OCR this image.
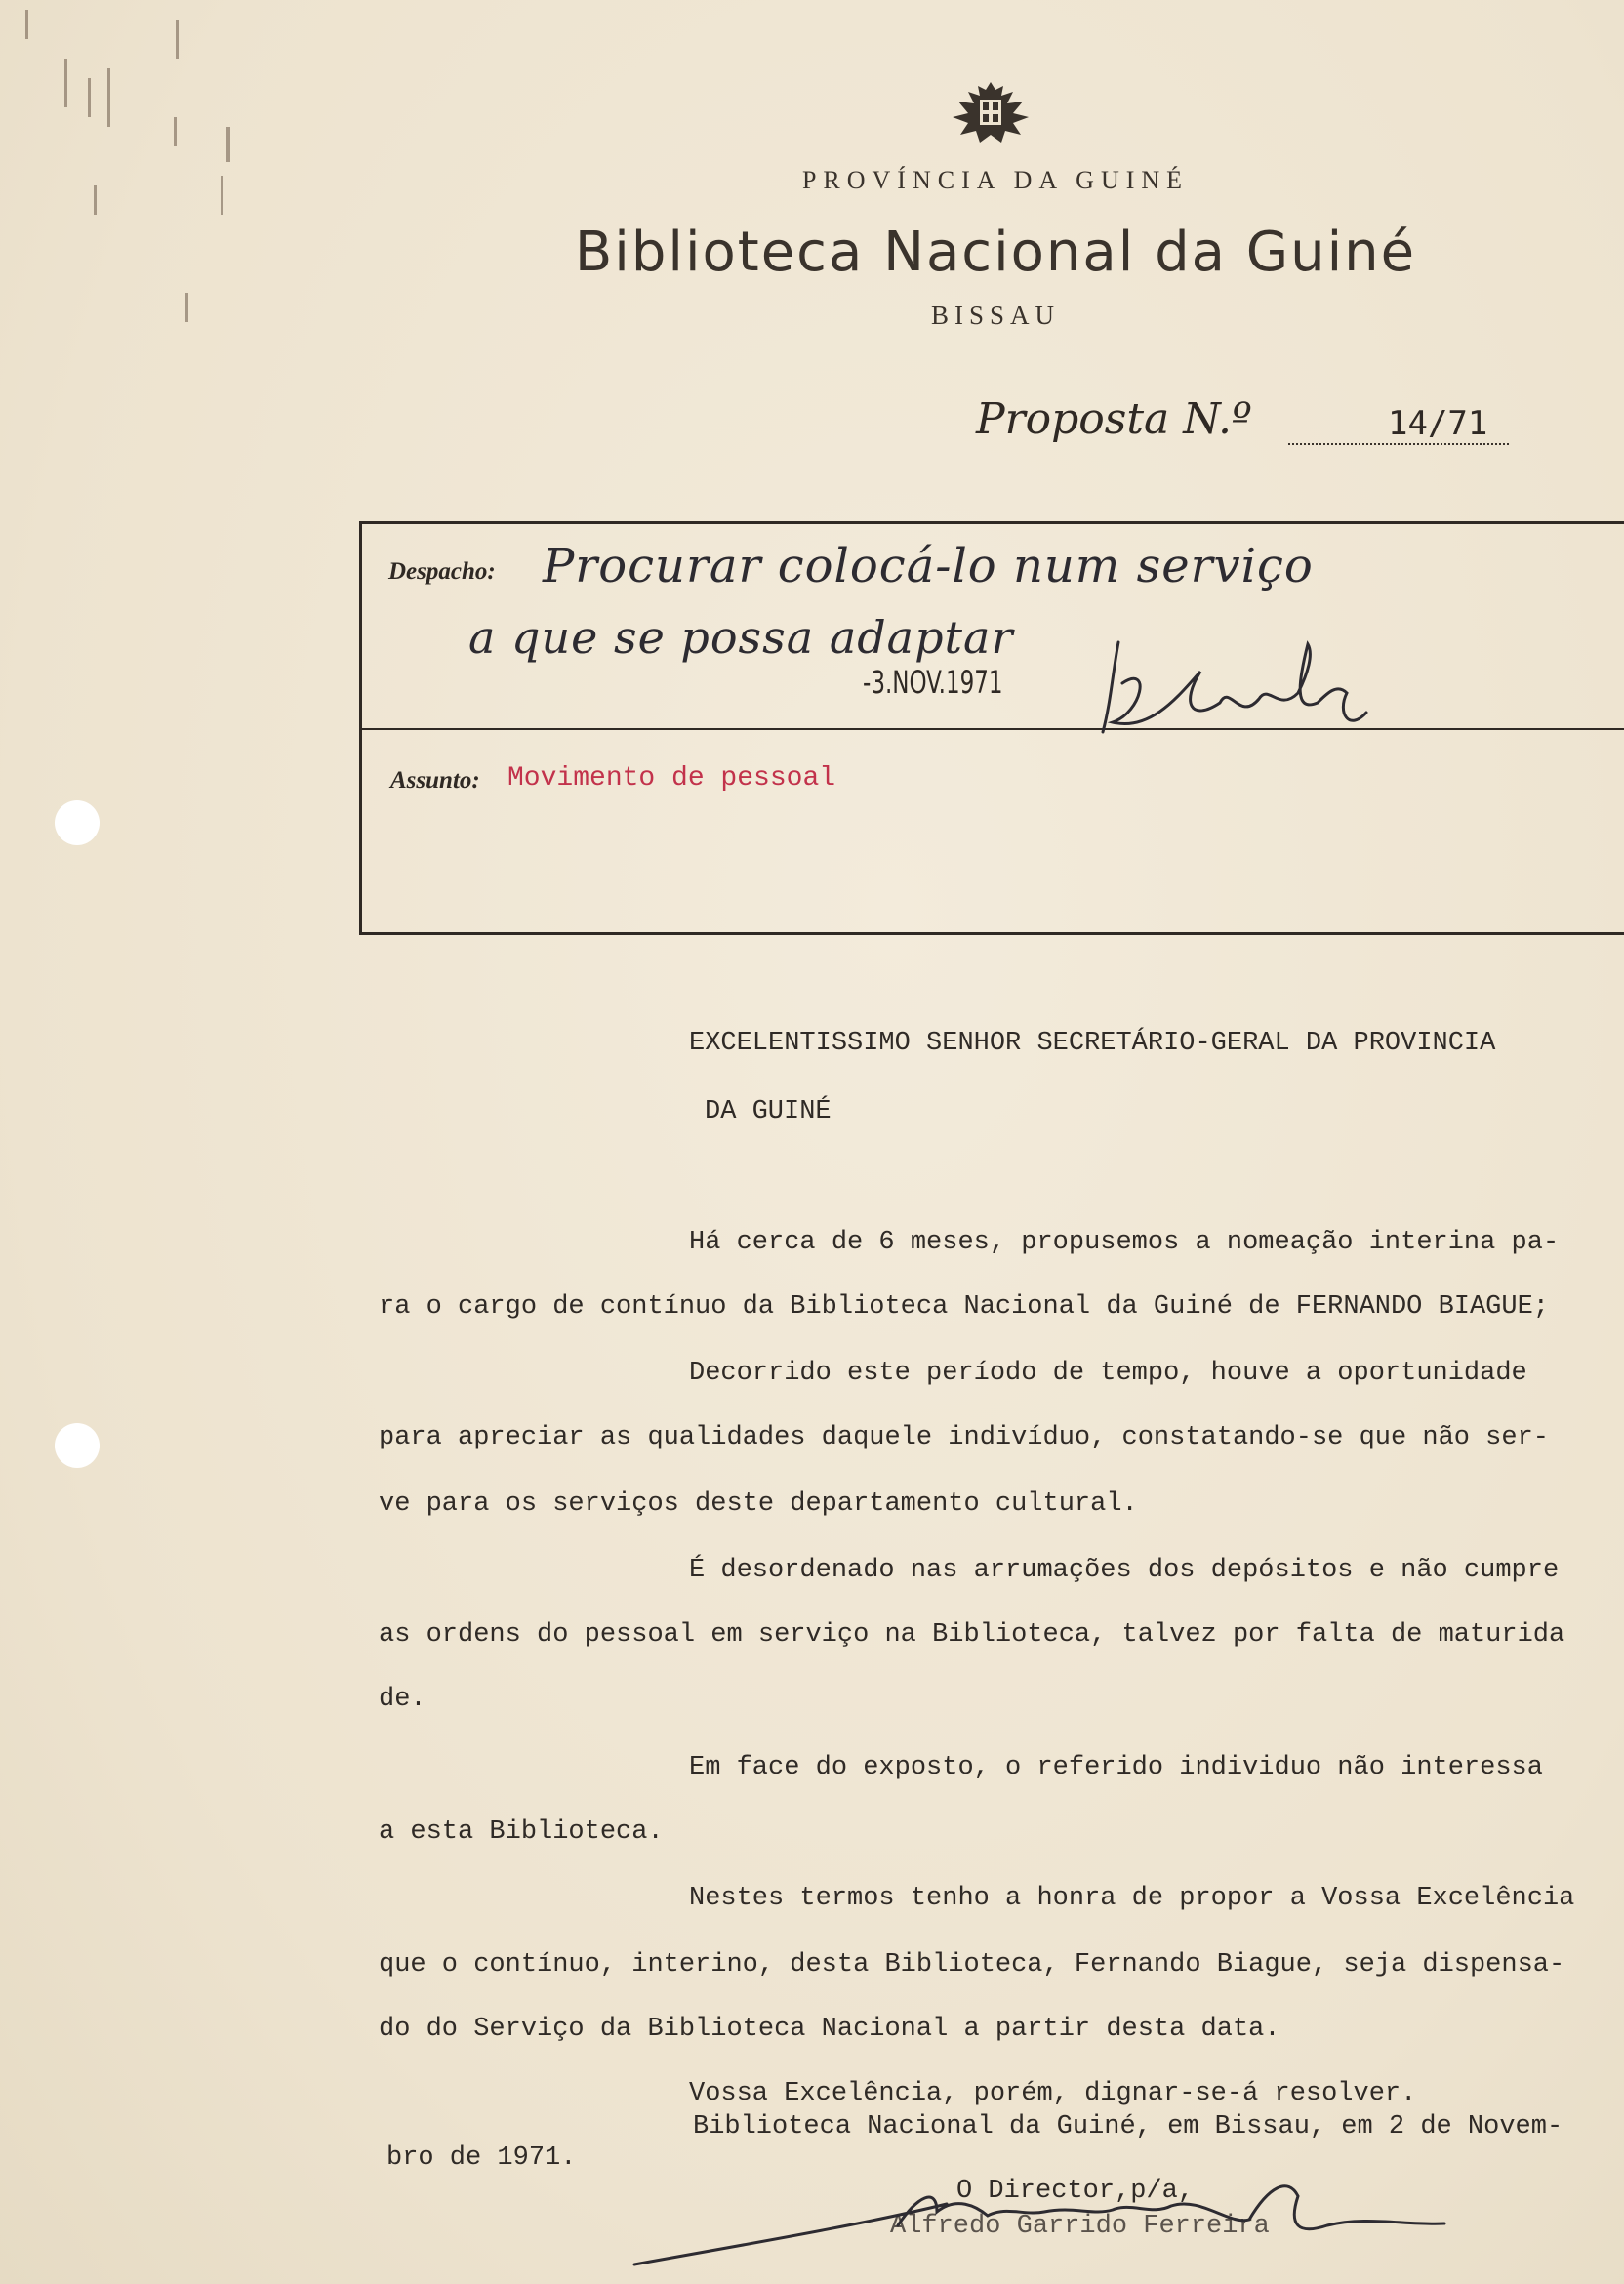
PROVÍNCIA DA GUINÉ
Biblioteca Nacional da Guiné
BISSAU
Proposta N.º	14/71
Despacho: Procurar colocá-lo num serviço
a que se possa adaptar
-3.NOV.1971
Assunto: Movimento de pessoal
EXCELENTISSIMO SENHOR SECRETÁRIO-GERAL DA PROVINCIA
DA GUINÉ
Há cerca de 6 meses, propusemos a nomeação interina pa-
ra o cargo de contínuo da Biblioteca Nacional da Guiné de FERNANDO BIAGUE;
Decorrido este período de tempo, houve a oportunidade
para apreciar as qualidades daquele indivíduo, constatando-se que não ser-
ve para os serviços deste departamento cultural.
É desordenado nas arrumações dos depósitos e não cumpre
as ordens do pessoal em serviço na Biblioteca, talvez por falta de maturida
de.
Em face do exposto, o referido individuo não interessa
a esta Biblioteca.
Nestes termos tenho a honra de propor a Vossa Excelência
que o contínuo, interino, desta Biblioteca, Fernando Biague, seja dispensa-
do do Serviço da Biblioteca Nacional a partir desta data.
Vossa Excelência, porém, dignar-se-á resolver.
Biblioteca Nacional da Guiné, em Bissau, em 2 de Novem-
bro de 1971.
O Director,p/a,
Alfredo Garrido Ferreira
